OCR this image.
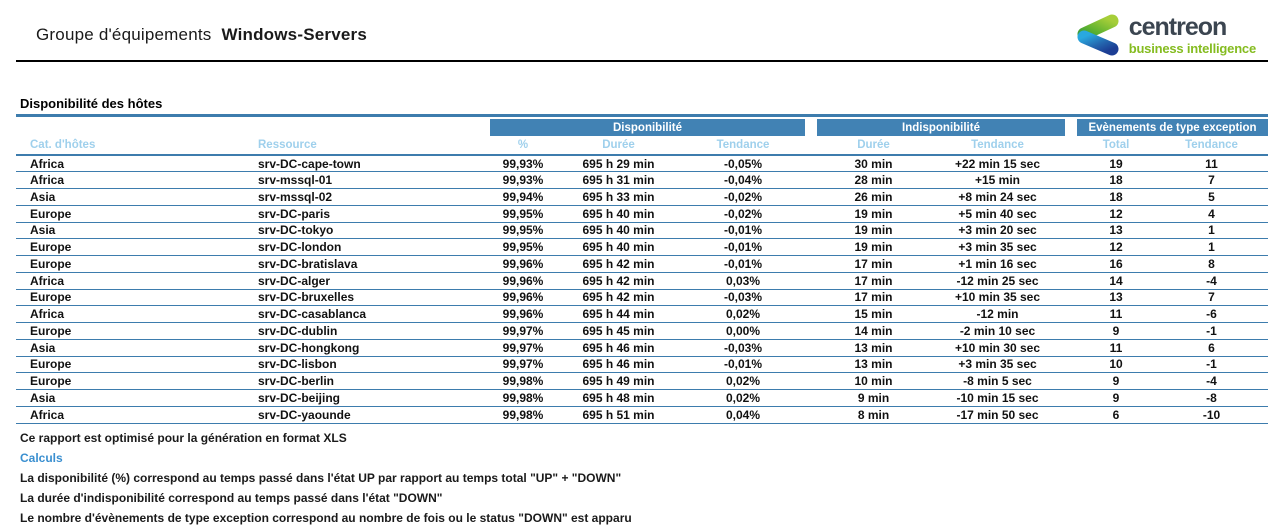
Groupe d'équipements Windows-Servers	centreon
business intelligence
Disponibilité des hôtes
		Disponibilité				Indisponibilité			Evènements de type exception	
Cat. d'hôtes	Ressource	%	Durée	Tendance		Durée	Tendance		Total	Tendance
Africa	srv-DC-cape-town	99,93%	695 h 29 min	-0,05%		30 min	+22 min 15 sec		19	11
Africa	srv-mssql-01	99,93%	695 h 31 min	-0,04%		28 min	+15 min		18	7
Asia	srv-mssql-02	99,94%	695 h 33 min	-0,02%		26 min	+8 min 24 sec		18	5
Europe	srv-DC-paris	99,95%	695 h 40 min	-0,02%		19 min	+5 min 40 sec		12	4
Asia	srv-DC-tokyo	99,95%	695 h 40 min	-0,01%		19 min	+3 min 20 sec		13	1
Europe	srv-DC-london	99,95%	695 h 40 min	-0,01%		19 min	+3 min 35 sec		12	1
Europe	srv-DC-bratislava	99,96%	695 h 42 min	-0,01%		17 min	+1 min 16 sec		16	8
Africa	srv-DC-alger	99,96%	695 h 42 min	0,03%		17 min	-12 min 25 sec		14	-4
Europe	srv-DC-bruxelles	99,96%	695 h 42 min	-0,03%		17 min	+10 min 35 sec		13	7
Africa	srv-DC-casablanca	99,96%	695 h 44 min	0,02%		15 min	-12 min		11	-6
Europe	srv-DC-dublin	99,97%	695 h 45 min	0,00%		14 min	-2 min 10 sec		9	-1
Asia	srv-DC-hongkong	99,97%	695 h 46 min	-0,03%		13 min	+10 min 30 sec		11	6
Europe	srv-DC-lisbon	99,97%	695 h 46 min	-0,01%		13 min	+3 min 35 sec		10	-1
Europe	srv-DC-berlin	99,98%	695 h 49 min	0,02%		10 min	-8 min 5 sec		9	-4
Asia	srv-DC-beijing	99,98%	695 h 48 min	0,02%		9 min	-10 min 15 sec		9	-8
Africa	srv-DC-yaounde	99,98%	695 h 51 min	0,04%		8 min	-17 min 50 sec		6	-10
Ce rapport est optimisé pour la génération en format XLS
Calculs
La disponibilité (%) correspond au temps passé dans l'état UP par rapport au temps total "UP" + "DOWN"
La durée d'indisponibilité correspond au temps passé dans l'état "DOWN"
Le nombre d'évènements de type exception correspond au nombre de fois ou le status "DOWN" est apparu
